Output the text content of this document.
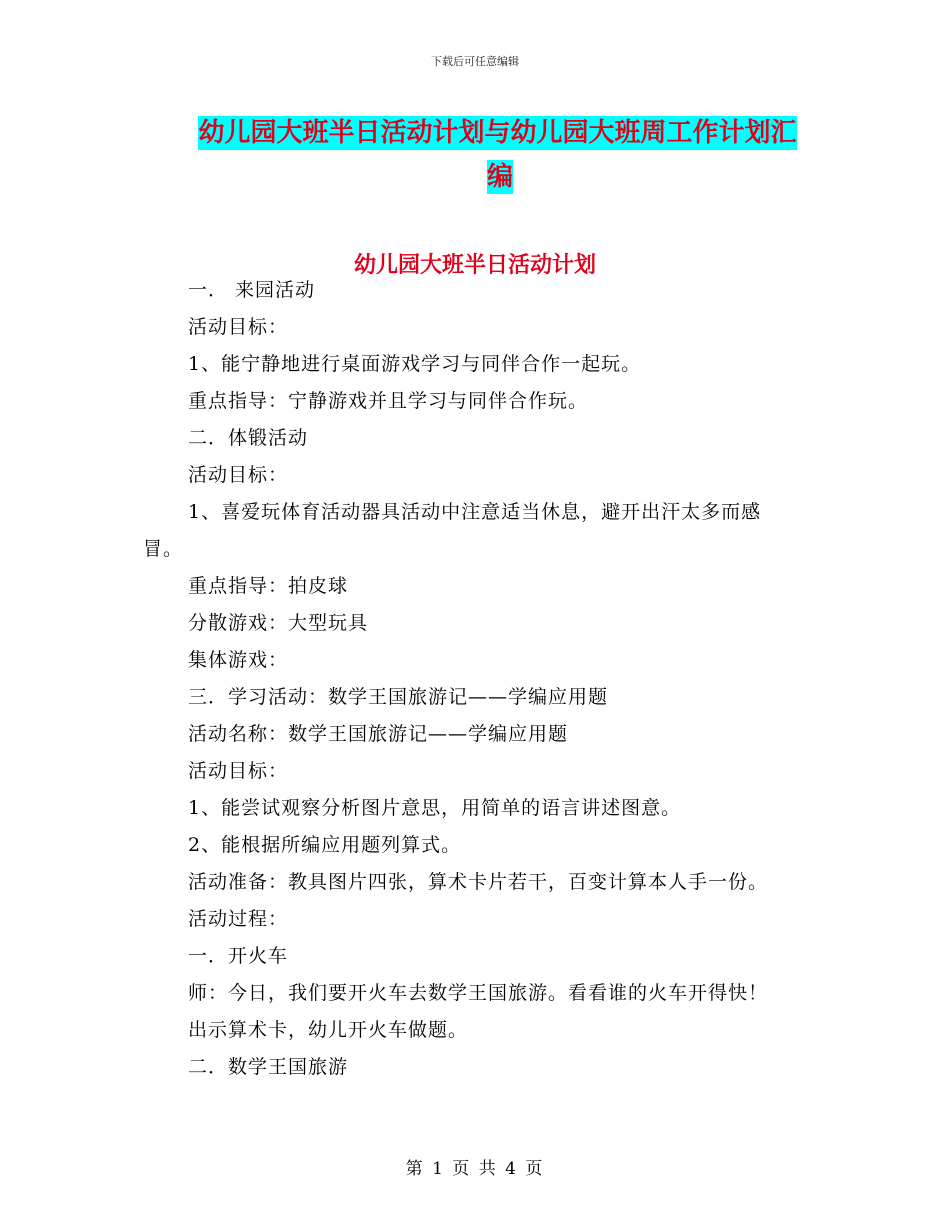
下载后可任意编辑
幼儿园大班半日活动计划与幼儿园大班周工作计划汇
编
幼儿园大班半日活动计划
一． 来园活动
活动目标：
1、能宁静地进行桌面游戏学习与同伴合作一起玩。
重点指导：宁静游戏并且学习与同伴合作玩。
二．体锻活动
活动目标：
1、喜爱玩体育活动器具活动中注意适当休息，避开出汗太多而感
冒。
重点指导：拍皮球
分散游戏：大型玩具
集体游戏：
三．学习活动：数学王国旅游记——学编应用题
活动名称：数学王国旅游记——学编应用题
活动目标：
1、能尝试观察分析图片意思，用简单的语言讲述图意。
2、能根据所编应用题列算式。
活动准备：教具图片四张，算术卡片若干，百变计算本人手一份。
活动过程：
一．开火车
师：今日，我们要开火车去数学王国旅游。看看谁的火车开得快！
出示算术卡，幼儿开火车做题。
二．数学王国旅游
第 1 页 共 4 页
